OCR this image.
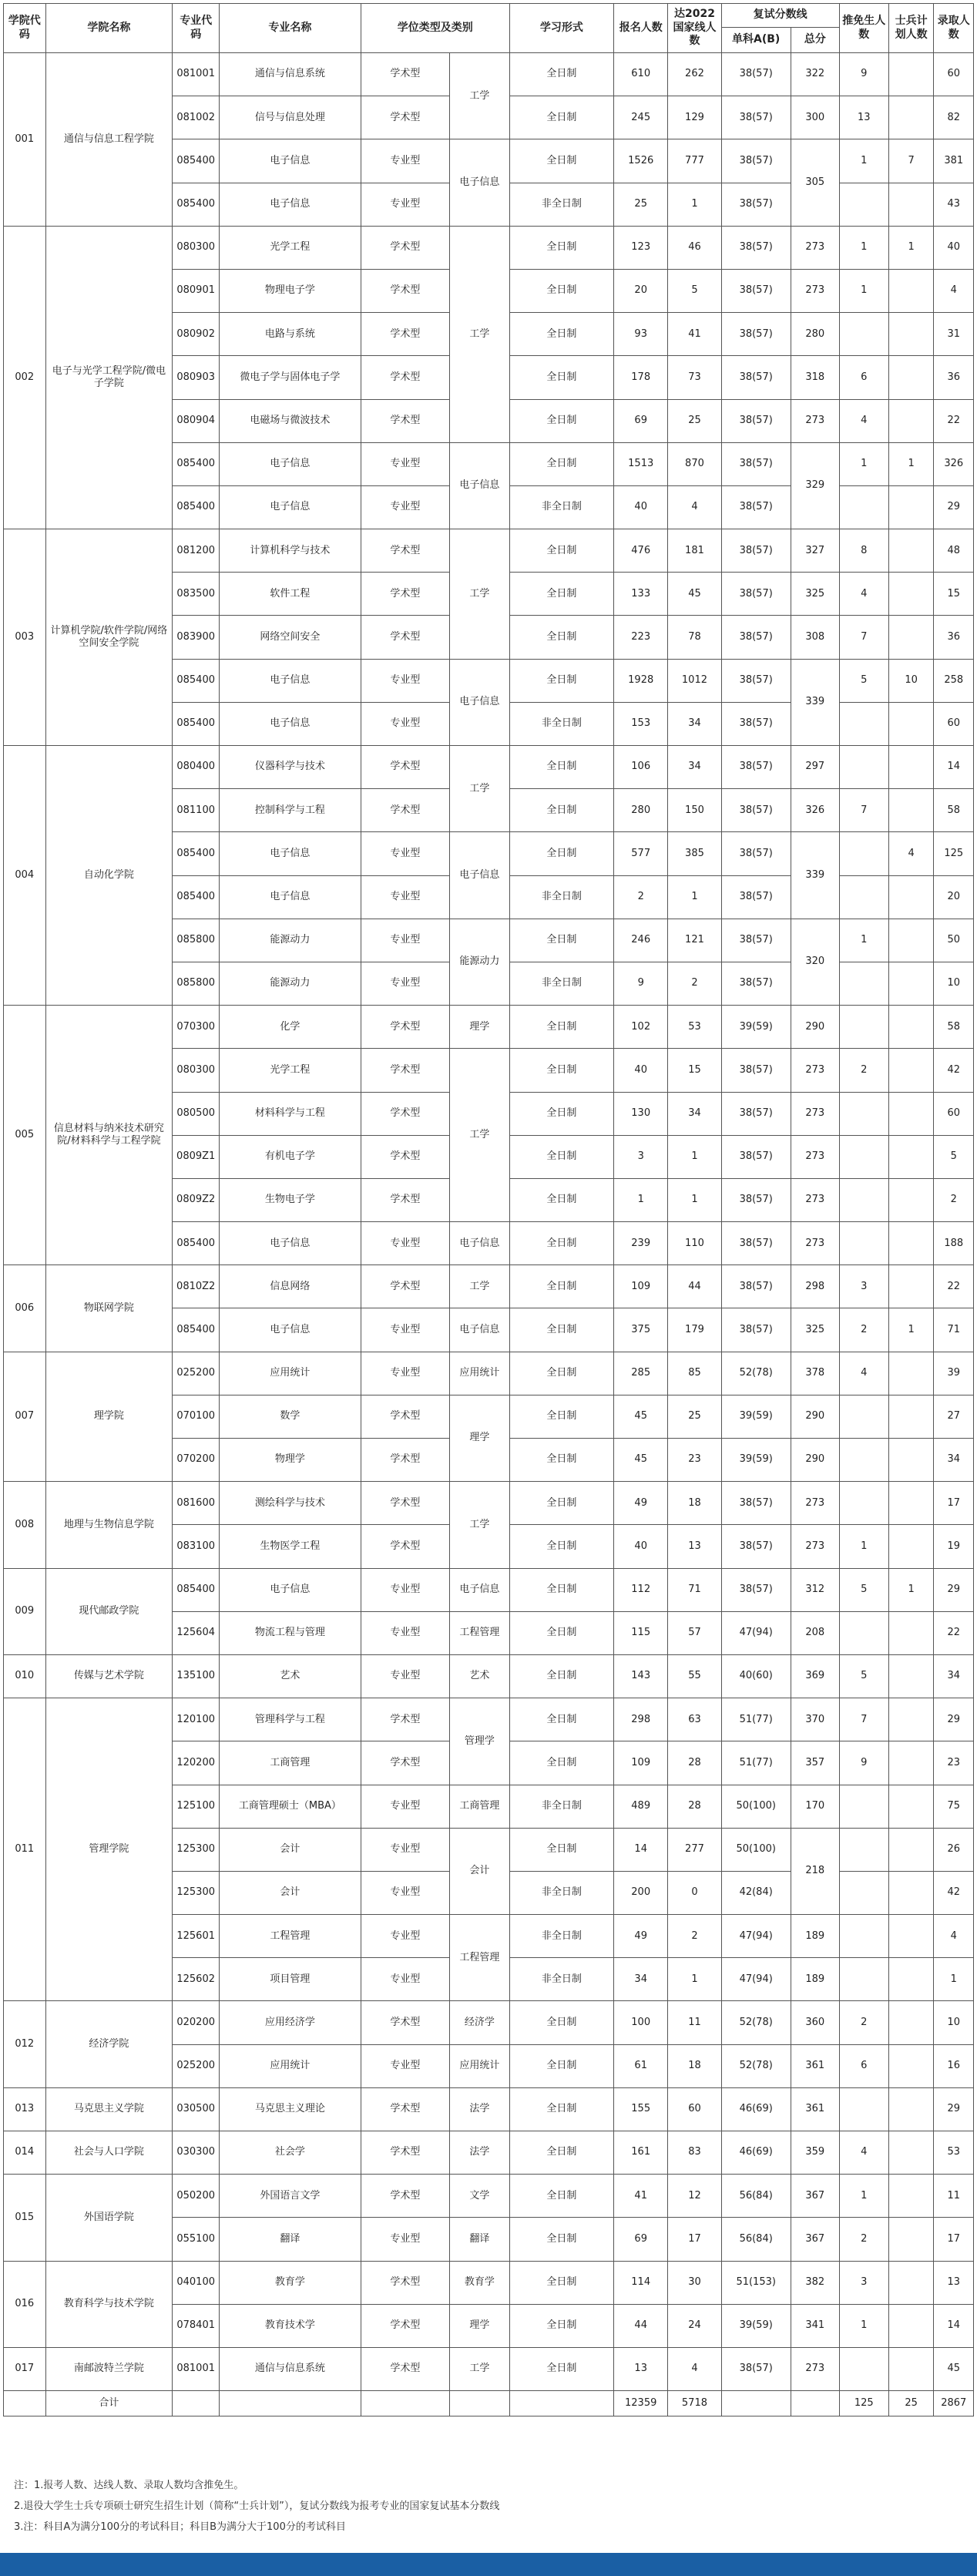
学院代码	学院名称	专业代码	专业名称	学位类型及类别		学习形式	报名人数	达2022国家线人数	复试分数线		推免生人数	士兵计划人数	录取人数
									单科A(B)	总分			
001	通信与信息工程学院	081001	通信与信息系统	学术型	工学	全日制	610	262	38(57)	322	9		60
		081002	信号与信息处理	学术型		全日制	245	129	38(57)	300	13		82
		085400	电子信息	专业型	电子信息	全日制	1526	777	38(57)	305	1	7	381
		085400	电子信息	专业型		非全日制	25	1	38(57)				43
002	电子与光学工程学院/微电子学院	080300	光学工程	学术型	工学	全日制	123	46	38(57)	273	1	1	40
		080901	物理电子学	学术型		全日制	20	5	38(57)	273	1		4
		080902	电路与系统	学术型		全日制	93	41	38(57)	280			31
		080903	微电子学与固体电子学	学术型		全日制	178	73	38(57)	318	6		36
		080904	电磁场与微波技术	学术型		全日制	69	25	38(57)	273	4		22
		085400	电子信息	专业型	电子信息	全日制	1513	870	38(57)	329	1	1	326
		085400	电子信息	专业型		非全日制	40	4	38(57)				29
003	计算机学院/软件学院/网络空间安全学院	081200	计算机科学与技术	学术型	工学	全日制	476	181	38(57)	327	8		48
		083500	软件工程	学术型		全日制	133	45	38(57)	325	4		15
		083900	网络空间安全	学术型		全日制	223	78	38(57)	308	7		36
		085400	电子信息	专业型	电子信息	全日制	1928	1012	38(57)	339	5	10	258
		085400	电子信息	专业型		非全日制	153	34	38(57)				60
004	自动化学院	080400	仪器科学与技术	学术型	工学	全日制	106	34	38(57)	297			14
		081100	控制科学与工程	学术型		全日制	280	150	38(57)	326	7		58
		085400	电子信息	专业型	电子信息	全日制	577	385	38(57)	339		4	125
		085400	电子信息	专业型		非全日制	2	1	38(57)				20
		085800	能源动力	专业型	能源动力	全日制	246	121	38(57)	320	1		50
		085800	能源动力	专业型		非全日制	9	2	38(57)				10
005	信息材料与纳米技术研究院/材料科学与工程学院	070300	化学	学术型	理学	全日制	102	53	39(59)	290			58
		080300	光学工程	学术型	工学	全日制	40	15	38(57)	273	2		42
		080500	材料科学与工程	学术型		全日制	130	34	38(57)	273			60
		0809Z1	有机电子学	学术型		全日制	3	1	38(57)	273			5
		0809Z2	生物电子学	学术型		全日制	1	1	38(57)	273			2
		085400	电子信息	专业型	电子信息	全日制	239	110	38(57)	273			188
006	物联网学院	0810Z2	信息网络	学术型	工学	全日制	109	44	38(57)	298	3		22
		085400	电子信息	专业型	电子信息	全日制	375	179	38(57)	325	2	1	71
007	理学院	025200	应用统计	专业型	应用统计	全日制	285	85	52(78)	378	4		39
		070100	数学	学术型	理学	全日制	45	25	39(59)	290			27
		070200	物理学	学术型		全日制	45	23	39(59)	290			34
008	地理与生物信息学院	081600	测绘科学与技术	学术型	工学	全日制	49	18	38(57)	273			17
		083100	生物医学工程	学术型		全日制	40	13	38(57)	273	1		19
009	现代邮政学院	085400	电子信息	专业型	电子信息	全日制	112	71	38(57)	312	5	1	29
		125604	物流工程与管理	专业型	工程管理	全日制	115	57	47(94)	208			22
010	传媒与艺术学院	135100	艺术	专业型	艺术	全日制	143	55	40(60)	369	5		34
011	管理学院	120100	管理科学与工程	学术型	管理学	全日制	298	63	51(77)	370	7		29
		120200	工商管理	学术型		全日制	109	28	51(77)	357	9		23
		125100	工商管理硕士（MBA）	专业型	工商管理	非全日制	489	28	50(100)	170			75
		125300	会计	专业型	会计	全日制	14	277	50(100)	218			26
		125300	会计	专业型		非全日制	200	0	42(84)				42
		125601	工程管理	专业型	工程管理	非全日制	49	2	47(94)	189			4
		125602	项目管理	专业型		非全日制	34	1	47(94)	189			1
012	经济学院	020200	应用经济学	学术型	经济学	全日制	100	11	52(78)	360	2		10
		025200	应用统计	专业型	应用统计	全日制	61	18	52(78)	361	6		16
013	马克思主义学院	030500	马克思主义理论	学术型	法学	全日制	155	60	46(69)	361			29
014	社会与人口学院	030300	社会学	学术型	法学	全日制	161	83	46(69)	359	4		53
015	外国语学院	050200	外国语言文学	学术型	文学	全日制	41	12	56(84)	367	1		11
		055100	翻译	专业型	翻译	全日制	69	17	56(84)	367	2		17
016	教育科学与技术学院	040100	教育学	学术型	教育学	全日制	114	30	51(153)	382	3		13
		078401	教育技术学	学术型	理学	全日制	44	24	39(59)	341	1		14
017	南邮波特兰学院	081001	通信与信息系统	学术型	工学	全日制	13	4	38(57)	273			45
	合计						12359	5718			125	25	2867
注：1.报考人数、达线人数、录取人数均含推免生。
2.退役大学生士兵专项硕士研究生招生计划（简称“士兵计划”），复试分数线为报考专业的国家复试基本分数线
3.注：科目A为满分100分的考试科目；科目B为满分大于100分的考试科目
